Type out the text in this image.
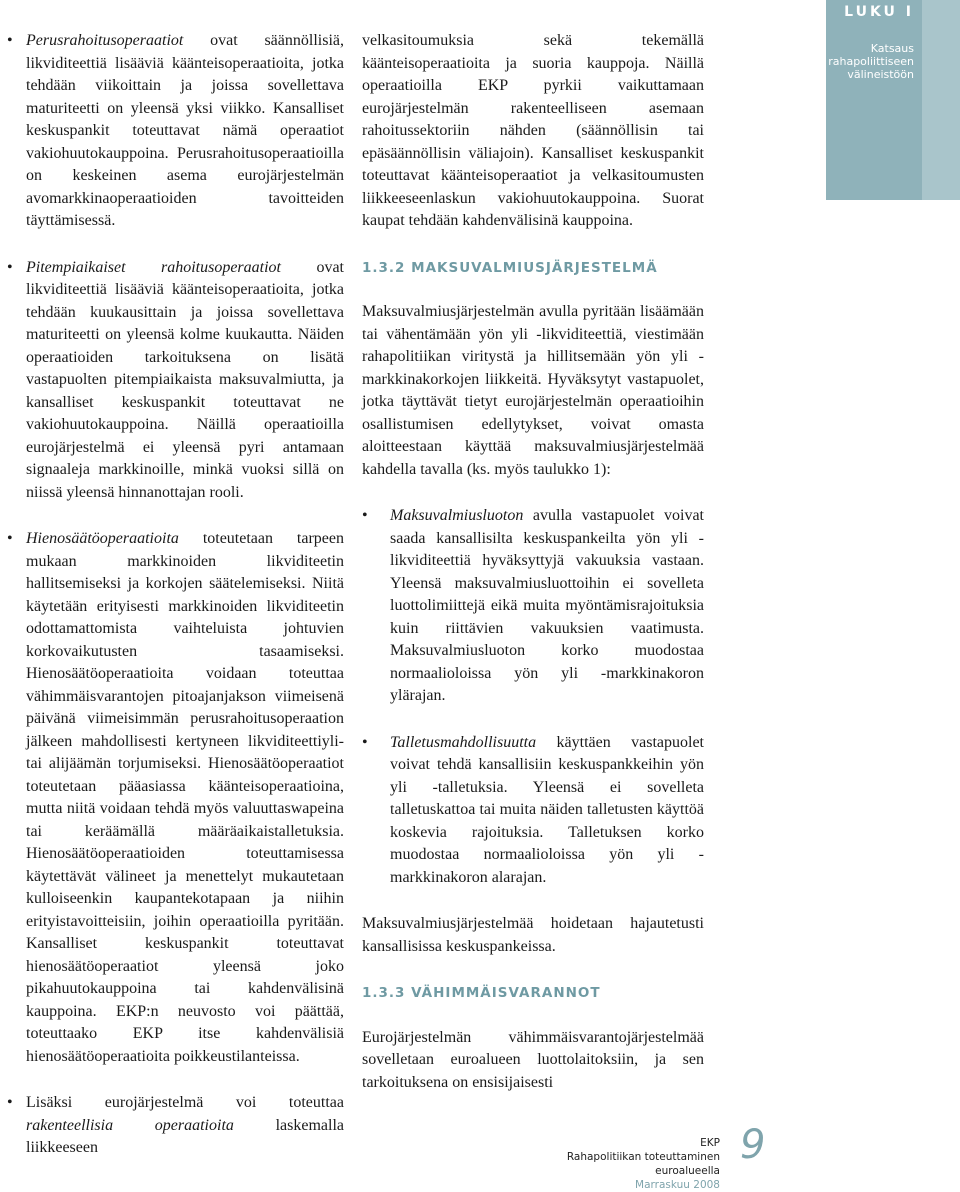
LUKU I
Katsaus
rahapoliittiseen
välineistöön
• Perusrahoitusoperaatiot ovat säännöllisiä, likviditeettiä lisääviä käänteisoperaatioita, jotka tehdään viikoittain ja joissa sovellettava maturiteetti on yleensä yksi viikko. Kansalliset keskuspankit toteuttavat nämä operaatiot vakiohuutokauppoina. Perusrahoitusoperaatioilla on keskeinen asema eurojärjestelmän avomarkkinaoperaatioiden tavoitteiden täyttämisessä.
• Pitempiaikaiset rahoitusoperaatiot ovat likviditeettiä lisääviä käänteisoperaatioita, jotka tehdään kuukausittain ja joissa sovellettava maturiteetti on yleensä kolme kuukautta. Näiden operaatioiden tarkoituksena on lisätä vastapuolten pitempiaikaista maksuvalmiutta, ja kansalliset keskuspankit toteuttavat ne vakiohuutokauppoina. Näillä operaatioilla eurojärjestelmä ei yleensä pyri antamaan signaaleja markkinoille, minkä vuoksi sillä on niissä yleensä hinnanottajan rooli.
• Hienosäätöoperaatioita toteutetaan tarpeen mukaan markkinoiden likviditeetin hallitsemiseksi ja korkojen säätelemiseksi. Niitä käytetään erityisesti markkinoiden likviditeetin odottamattomista vaihteluista johtuvien korkovaikutusten tasaamiseksi. Hienosäätöoperaatioita voidaan toteuttaa vähimmäisvarantojen pitoajanjakson viimeisenä päivänä viimeisimmän perusrahoitusoperaation jälkeen mahdollisesti kertyneen likviditeettiyli- tai alijäämän torjumiseksi. Hienosäätöoperaatiot toteutetaan pääasiassa käänteisoperaatioina, mutta niitä voidaan tehdä myös valuuttaswapeina tai keräämällä määräaikaistalletuksia. Hienosäätöoperaatioiden toteuttamisessa käytettävät välineet ja menettelyt mukautetaan kulloiseenkin kaupantekotapaan ja niihin erityistavoitteisiin, joihin operaatioilla pyritään. Kansalliset keskuspankit toteuttavat hienosäätöoperaatiot yleensä joko pikahuutokauppoina tai kahdenvälisinä kauppoina. EKP:n neuvosto voi päättää, toteuttaako EKP itse kahdenvälisiä hienosäätöoperaatioita poikkeustilanteissa.
• Lisäksi eurojärjestelmä voi toteuttaa rakenteellisia operaatioita laskemalla liikkeeseen

velkasitoumuksia sekä tekemällä käänteisoperaatioita ja suoria kauppoja. Näillä operaatioilla EKP pyrkii vaikuttamaan eurojärjestelmän rakenteelliseen asemaan rahoitussektoriin nähden (säännöllisin tai epäsäännöllisin väliajoin). Kansalliset keskuspankit toteuttavat käänteisoperaatiot ja velkasitoumusten liikkeeseenlaskun vakiohuutokauppoina. Suorat kaupat tehdään kahdenvälisinä kauppoina.

1.3.2 MAKSUVALMIUSJÄRJESTELMÄ

Maksuvalmiusjärjestelmän avulla pyritään lisäämään tai vähentämään yön yli -likviditeettiä, viestimään rahapolitiikan viritystä ja hillitsemään yön yli -markkinakorkojen liikkeitä. Hyväksytyt vastapuolet, jotka täyttävät tietyt eurojärjestelmän operaatioihin osallistumisen edellytykset, voivat omasta aloitteestaan käyttää maksuvalmiusjärjestelmää kahdella tavalla (ks. myös taulukko 1):

• Maksuvalmiusluoton avulla vastapuolet voivat saada kansallisilta keskuspankeilta yön yli -likviditeettiä hyväksyttyjä vakuuksia vastaan. Yleensä maksuvalmiusluottoihin ei sovelleta luottolimiittejä eikä muita myöntämisrajoituksia kuin riittävien vakuuksien vaatimusta. Maksuvalmiusluoton korko muodostaa normaalioloissa yön yli -markkinakoron ylärajan.
• Talletusmahdollisuutta käyttäen vastapuolet voivat tehdä kansallisiin keskuspankkeihin yön yli -talletuksia. Yleensä ei sovelleta talletuskattoa tai muita näiden talletusten käyttöä koskevia rajoituksia. Talletuksen korko muodostaa normaalioloissa yön yli -markkinakoron alarajan.

Maksuvalmiusjärjestelmää hoidetaan hajautetusti kansallisissa keskuspankeissa.

1.3.3 VÄHIMMÄISVARANNOT

Eurojärjestelmän vähimmäisvarantojärjestelmää sovelletaan euroalueen luottolaitoksiin, ja sen tarkoituksena on ensisijaisesti

EKP
Rahapolitiikan toteuttaminen euroalueella
Marraskuu 2008
9
